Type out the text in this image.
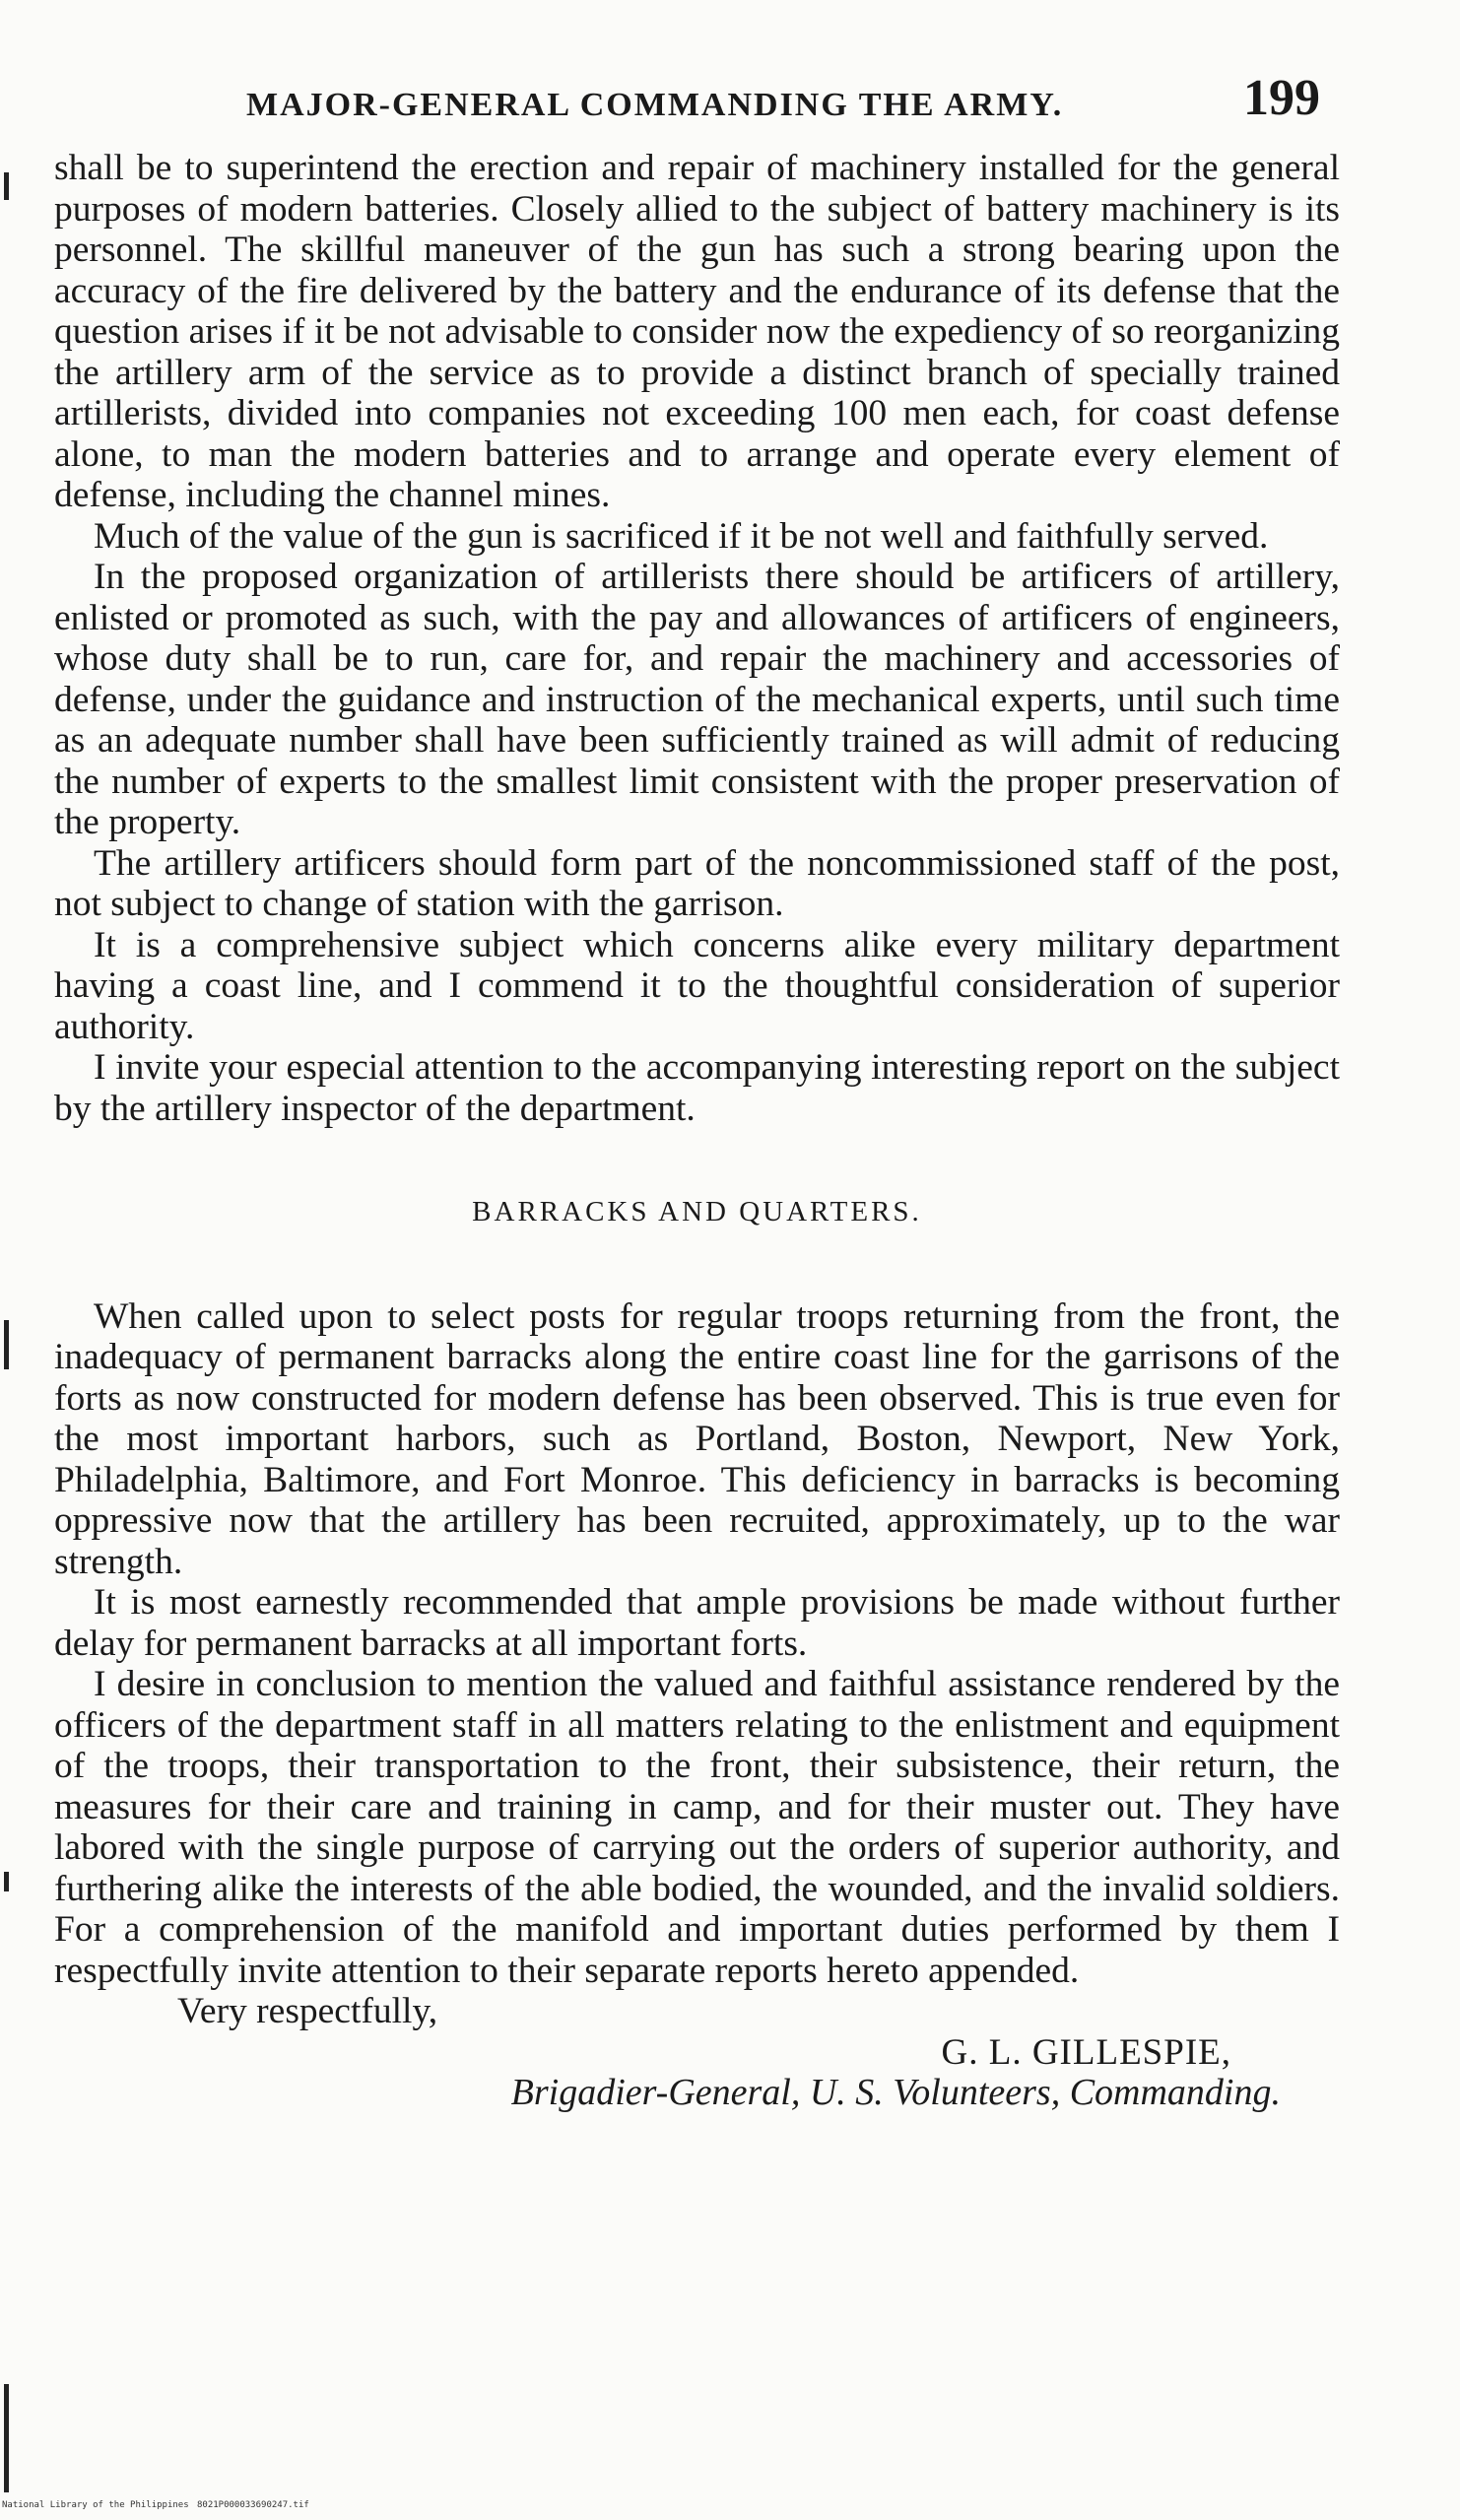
MAJOR-GENERAL COMMANDING THE ARMY.	199

shall be to superintend the erection and repair of machinery installed for the general purposes of modern batteries. Closely allied to the subject of battery machinery is its personnel. The skillful maneuver of the gun has such a strong bearing upon the accuracy of the fire delivered by the battery and the endurance of its defense that the question arises if it be not advisable to consider now the expediency of so reorganizing the artillery arm of the service as to provide a distinct branch of specially trained artillerists, divided into companies not exceeding 100 men each, for coast defense alone, to man the modern batteries and to arrange and operate every element of defense, including the channel mines.

Much of the value of the gun is sacrificed if it be not well and faithfully served.

In the proposed organization of artillerists there should be artificers of artillery, enlisted or promoted as such, with the pay and allowances of artificers of engineers, whose duty shall be to run, care for, and repair the machinery and accessories of defense, under the guidance and instruction of the mechanical experts, until such time as an adequate number shall have been sufficiently trained as will admit of reducing the number of experts to the smallest limit consistent with the proper preservation of the property.

The artillery artificers should form part of the noncommissioned staff of the post, not subject to change of station with the garrison.

It is a comprehensive subject which concerns alike every military department having a coast line, and I commend it to the thoughtful consideration of superior authority.

I invite your especial attention to the accompanying interesting report on the subject by the artillery inspector of the department.

BARRACKS AND QUARTERS.

When called upon to select posts for regular troops returning from the front, the inadequacy of permanent barracks along the entire coast line for the garrisons of the forts as now constructed for modern defense has been observed. This is true even for the most important harbors, such as Portland, Boston, Newport, New York, Philadelphia, Baltimore, and Fort Monroe. This deficiency in barracks is becoming oppressive now that the artillery has been recruited, approximately, up to the war strength.

It is most earnestly recommended that ample provisions be made without further delay for permanent barracks at all important forts.

I desire in conclusion to mention the valued and faithful assistance rendered by the officers of the department staff in all matters relating to the enlistment and equipment of the troops, their transportation to the front, their subsistence, their return, the measures for their care and training in camp, and for their muster out. They have labored with the single purpose of carrying out the orders of superior authority, and furthering alike the interests of the able bodied, the wounded, and the invalid soldiers. For a comprehension of the manifold and important duties performed by them I respectfully invite attention to their separate reports hereto appended.

Very respectfully,

G. L. GILLESPIE,

Brigadier-General, U. S. Volunteers, Commanding.

National Library of the Philippines 8021P000033690247.tif
